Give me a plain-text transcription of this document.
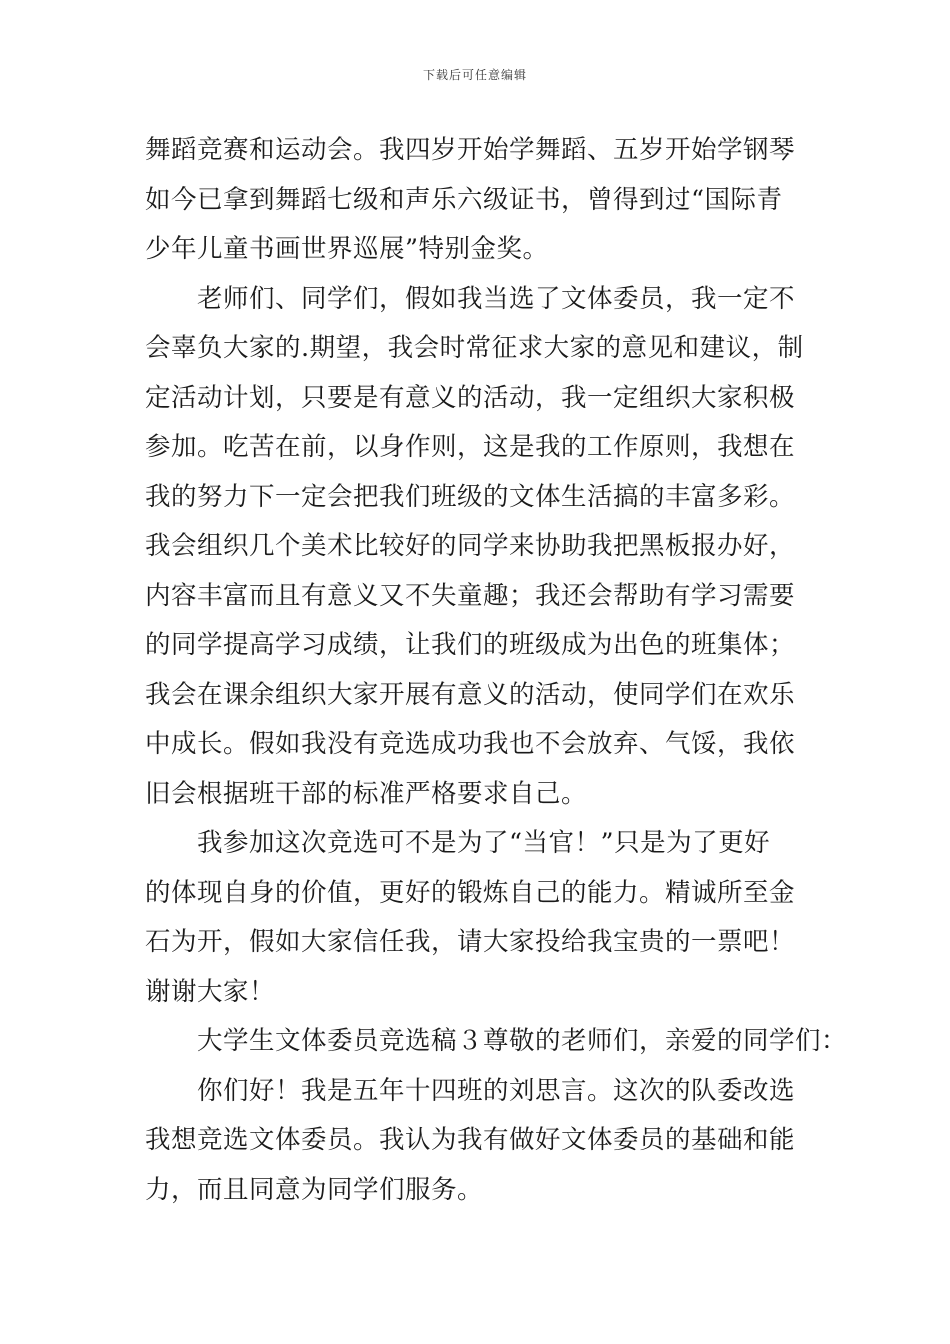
下载后可任意编辑
舞蹈竞赛和运动会。我四岁开始学舞蹈、五岁开始学钢琴
如今已拿到舞蹈七级和声乐六级证书，曾得到过“国际青
少年儿童书画世界巡展”特别金奖。
　　老师们、同学们，假如我当选了文体委员，我一定不
会辜负大家的.期望，我会时常征求大家的意见和建议，制
定活动计划，只要是有意义的活动，我一定组织大家积极
参加。吃苦在前，以身作则，这是我的工作原则，我想在
我的努力下一定会把我们班级的文体生活搞的丰富多彩。
我会组织几个美术比较好的同学来协助我把黑板报办好，
内容丰富而且有意义又不失童趣；我还会帮助有学习需要
的同学提高学习成绩，让我们的班级成为出色的班集体；
我会在课余组织大家开展有意义的活动，使同学们在欢乐
中成长。假如我没有竞选成功我也不会放弃、气馁，我依
旧会根据班干部的标准严格要求自己。
　　我参加这次竞选可不是为了“当官！”只是为了更好
的体现自身的价值，更好的锻炼自己的能力。精诚所至金
石为开，假如大家信任我，请大家投给我宝贵的一票吧！
谢谢大家！
　　大学生文体委员竞选稿３尊敬的老师们，亲爱的同学们：
　　你们好！我是五年十四班的刘思言。这次的队委改选
我想竞选文体委员。我认为我有做好文体委员的基础和能
力，而且同意为同学们服务。
